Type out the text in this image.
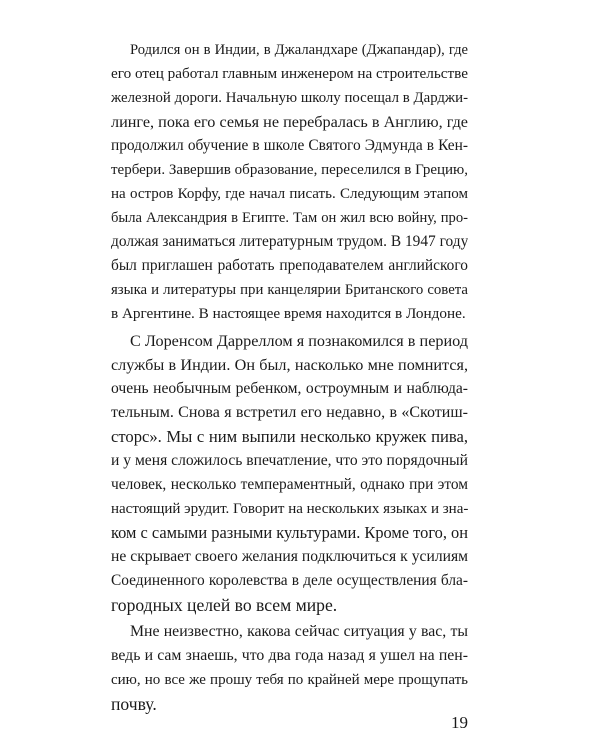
Родился он в Индии, в Джаландхаре (Джапандар), где
его отец работал главным инженером на строительстве
железной дороги. Начальную школу посещал в Дарджи-
линге, пока его семья не перебралась в Англию, где
продолжил обучение в школе Святого Эдмунда в Кен-
тербери. Завершив образование, переселился в Грецию,
на остров Корфу, где начал писать. Следующим этапом
была Александрия в Египте. Там он жил всю войну, про-
должая заниматься литературным трудом. В 1947 году
был приглашен работать преподавателем английского
языка и литературы при канцелярии Британского совета
в Аргентине. В настоящее время находится в Лондоне.
С Лоренсом Дарреллом я познакомился в период
службы в Индии. Он был, насколько мне помнится,
очень необычным ребенком, остроумным и наблюда-
тельным. Снова я встретил его недавно, в «Скотиш-
сторс». Мы с ним выпили несколько кружек пива,
и у меня сложилось впечатление, что это порядочный
человек, несколько темпераментный, однако при этом
настоящий эрудит. Говорит на нескольких языках и зна-
ком с самыми разными культурами. Кроме того, он
не скрывает своего желания подключиться к усилиям
Соединенного королевства в деле осуществления бла-
городных целей во всем мире.
Мне неизвестно, какова сейчас ситуация у вас, ты
ведь и сам знаешь, что два года назад я ушел на пен-
сию, но все же прошу тебя по крайней мере прощупать
почву.
19
